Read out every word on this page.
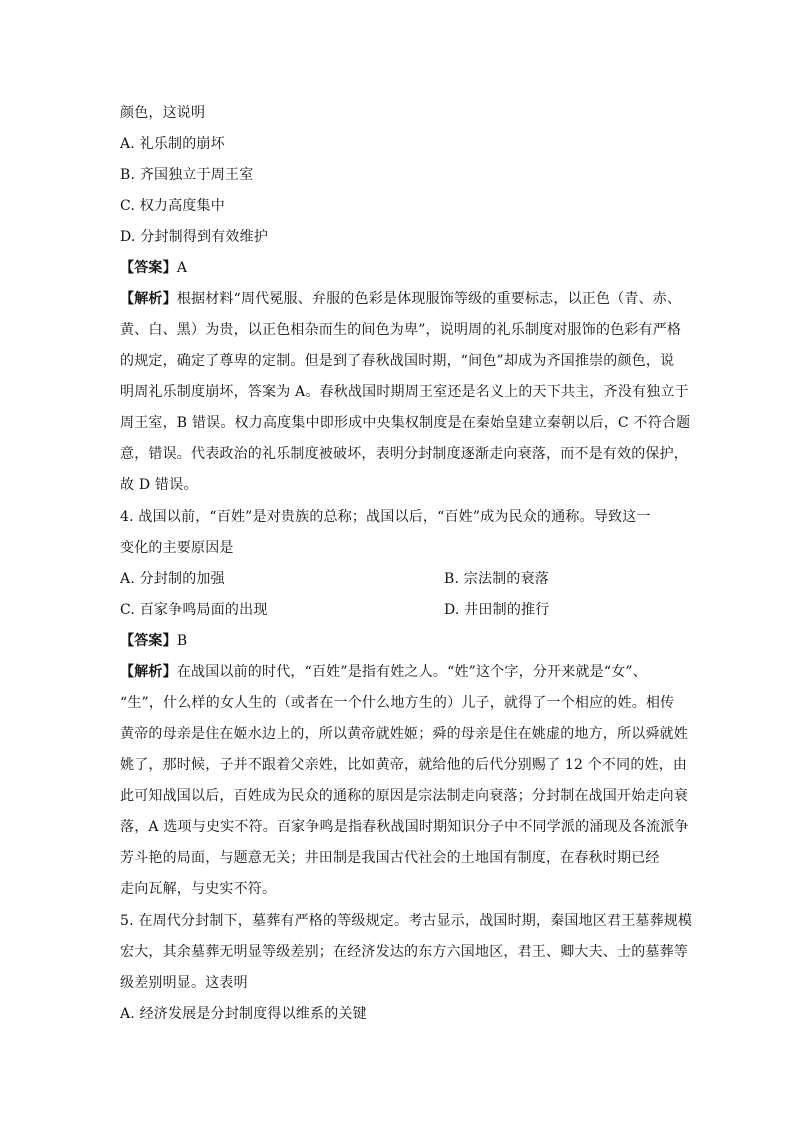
颜色，这说明
A. 礼乐制的崩坏
B. 齐国独立于周王室
C. 权力高度集中
D. 分封制得到有效维护
【答案】A
【解析】根据材料“周代冕服、弁服的色彩是体现服饰等级的重要标志，以正色（青、赤、
黄、白、黑）为贵，以正色相杂而生的间色为卑”，说明周的礼乐制度对服饰的色彩有严格
的规定，确定了尊卑的定制。但是到了春秋战国时期，“间色”却成为齐国推崇的颜色，说
明周礼乐制度崩坏，答案为 A。春秋战国时期周王室还是名义上的天下共主，齐没有独立于
周王室，B 错误。权力高度集中即形成中央集权制度是在秦始皇建立秦朝以后，C 不符合题
意，错误。代表政治的礼乐制度被破坏，表明分封制度逐渐走向衰落，而不是有效的保护，
故 D 错误。
4. 战国以前，“百姓”是对贵族的总称；战国以后，“百姓”成为民众的通称。导致这一
变化的主要原因是
A. 分封制的加强	B. 宗法制的衰落
C. 百家争鸣局面的出现	D. 井田制的推行
【答案】B
【解析】在战国以前的时代，“百姓”是指有姓之人。“姓”这个字，分开来就是“女”、
“生”，什么样的女人生的（或者在一个什么地方生的）儿子，就得了一个相应的姓。相传
黄帝的母亲是住在姬水边上的，所以黄帝就姓姬；舜的母亲是住在姚虚的地方，所以舜就姓
姚了，那时候，子并不跟着父亲姓，比如黄帝，就给他的后代分别赐了 12 个不同的姓，由
此可知战国以后，百姓成为民众的通称的原因是宗法制走向衰落；分封制在战国开始走向衰
落，A 选项与史实不符。百家争鸣是指春秋战国时期知识分子中不同学派的涌现及各流派争
芳斗艳的局面，与题意无关；井田制是我国古代社会的土地国有制度，在春秋时期已经
走向瓦解，与史实不符。
5. 在周代分封制下，墓葬有严格的等级规定。考古显示，战国时期，秦国地区君王墓葬规模
宏大，其余墓葬无明显等级差别；在经济发达的东方六国地区，君王、卿大夫、士的墓葬等
级差别明显。这表明
A. 经济发展是分封制度得以维系的关键
